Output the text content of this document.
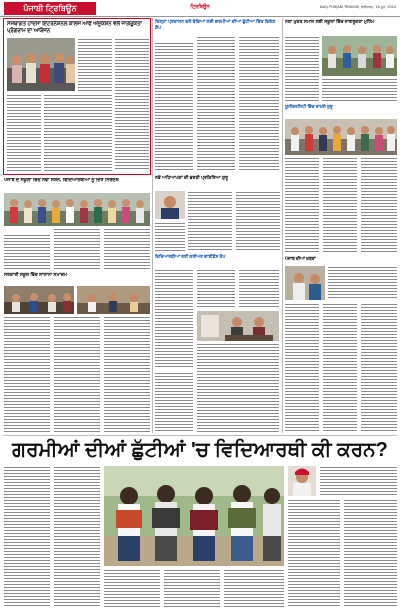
ਪੰਜਾਬੀ ਟ੍ਰਿਬਿਊਨ	ਟ੍ਰਿਬਿਊਨ	Daily PUNJABI TRIBUNE, ਚੰਡੀਗੜ੍ਹ, 16 ਜੂਨ, 2024
ਸੰਸਥਾਗਤ ਹਾਦਸਾ ਇੰਟਰਨੈਸ਼ਨਲ ਕਾਲਜ ਆਫ ਐਜੂਕੇਸ਼ਨ ਵਲੋਂ ਜਾਗਰੂਕਤਾ ਪ੍ਰੋਗਰਾਮ ਦਾ ਆਯੋਜਨ
ਪੰਜਾਬ ਦੇ ਸਕੂਲਾਂ ਵਿੱਚ ਨਵਾਂ ਸੈਸ਼ਨ, ਵਿਦਿਆਰਥੀਆਂ ਨੂੰ ਦਿੱਤੇ ਨਿਰਦੇਸ਼
ਸਰਕਾਰੀ ਸਕੂਲ ਵਿੱਚ ਸਾਲਾਨਾ ਸਮਾਗਮ
ਜ਼ਿਲ੍ਹਾ ਪ੍ਰਸ਼ਾਸਨ ਵਲੋਂ ਬੱਚਿਆਂ ਲਈ ਗਰਮੀਆਂ ਦੀਆਂ ਛੁੱਟੀਆਂ ਵਿੱਚ ਵਿਸ਼ੇਸ਼ ਕੈਂਪ
ਨਵੇਂ ਅਧਿਆਪਕਾਂ ਦੀ ਭਰਤੀ ਪ੍ਰਕਿਰਿਆ ਸ਼ੁਰੂ
ਵਿਦਿਆਰਥੀਆਂ ਲਈ ਕਰੀਅਰ ਗਾਈਡੈਂਸ ਕੈਂਪ
ਨਸ਼ਾ ਮੁਕਤ ਸਮਾਜ ਲਈ ਸਕੂਲਾਂ ਵਿੱਚ ਜਾਗਰੂਕਤਾ ਮੁਹਿੰਮ
ਯੂਨੀਵਰਸਿਟੀ ਵਿੱਚ ਦਾਖ਼ਲੇ ਸ਼ੁਰੂ
ਪੰਜਾਬ ਦੀਆਂ ਖ਼ਬਰਾਂ
ਗਰਮੀਆਂ ਦੀਆਂ ਛੁੱਟੀਆਂ 'ਚ ਵਿਦਿਆਰਥੀ ਕੀ ਕਰਨ?
